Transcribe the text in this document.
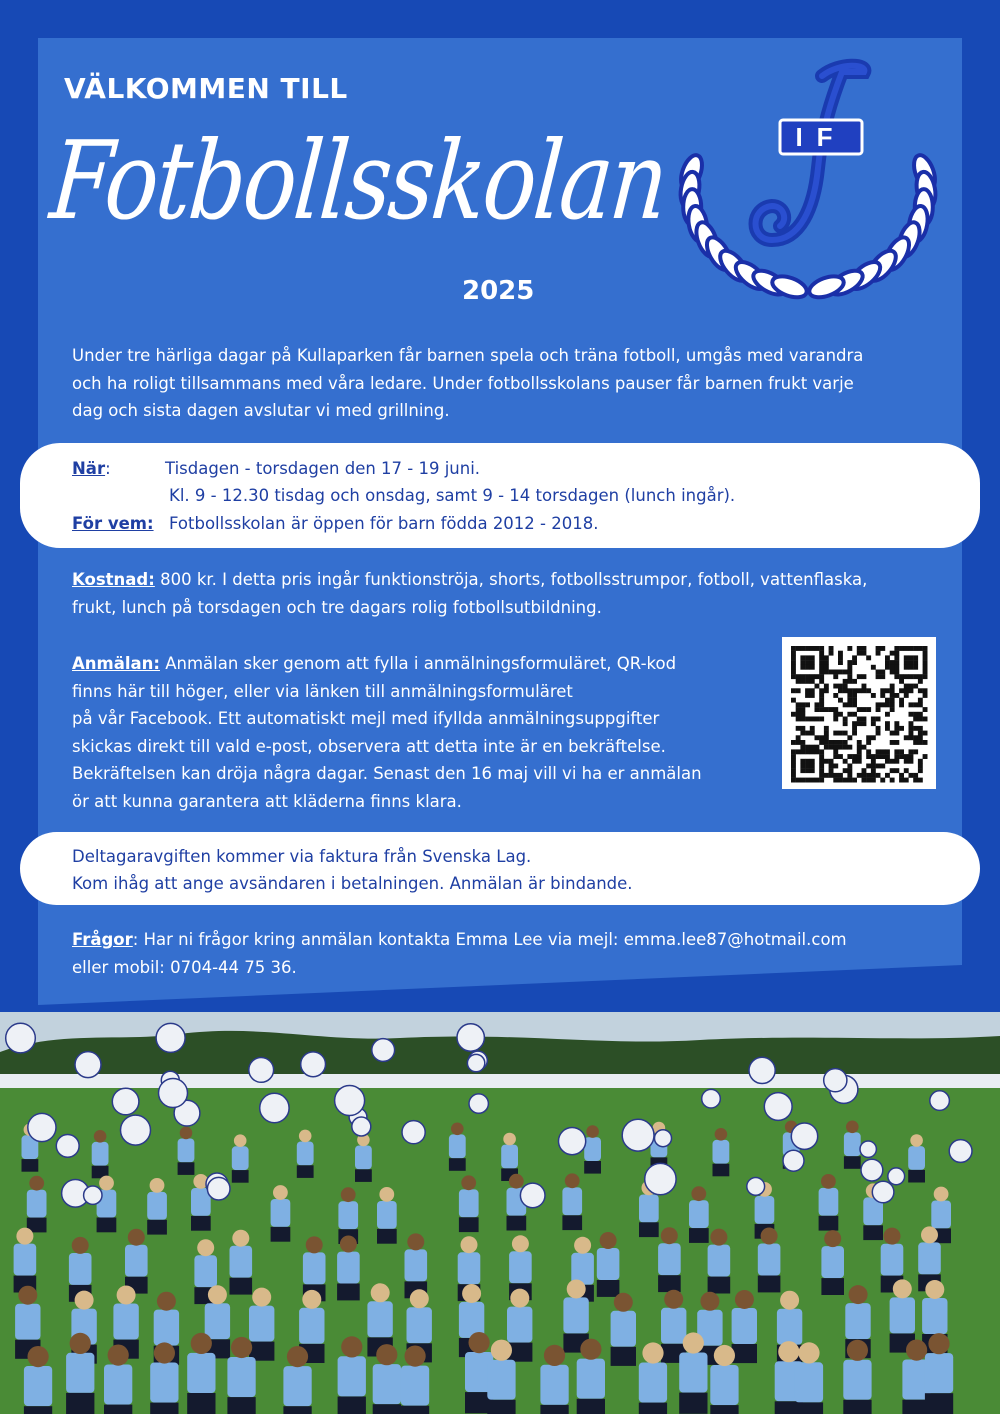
VÄLKOMMEN TILL
Fotbollsskolan
2025
IF
Under tre härliga dagar på Kullaparken får barnen spela och träna fotboll, umgås med varandra
och ha roligt tillsammans med våra ledare. Under fotbollsskolans pauser får barnen frukt varje
dag och sista dagen avslutar vi med grillning.
När:	Tisdagen - torsdagen den 17 - 19 juni.
Kl. 9 - 12.30 tisdag och onsdag, samt 9 - 14 torsdagen (lunch ingår).
För vem: Fotbollsskolan är öppen för barn födda 2012 - 2018.
Kostnad: 800 kr. I detta pris ingår funktionströja, shorts, fotbollsstrumpor, fotboll, vattenflaska,
frukt, lunch på torsdagen och tre dagars rolig fotbollsutbildning.
Anmälan: Anmälan sker genom att fylla i anmälningsformuläret, QR-kod
finns här till höger, eller via länken till anmälningsformuläret
på vår Facebook. Ett automatiskt mejl med ifyllda anmälningsuppgifter
skickas direkt till vald e-post, observera att detta inte är en bekräftelse.
Bekräftelsen kan dröja några dagar. Senast den 16 maj vill vi ha er anmälan
ör att kunna garantera att kläderna finns klara.
Deltagaravgiften kommer via faktura från Svenska Lag.
Kom ihåg att ange avsändaren i betalningen. Anmälan är bindande.
Frågor: Har ni frågor kring anmälan kontakta Emma Lee via mejl: emma.lee87@hotmail.com
eller mobil: 0704-44 75 36.
